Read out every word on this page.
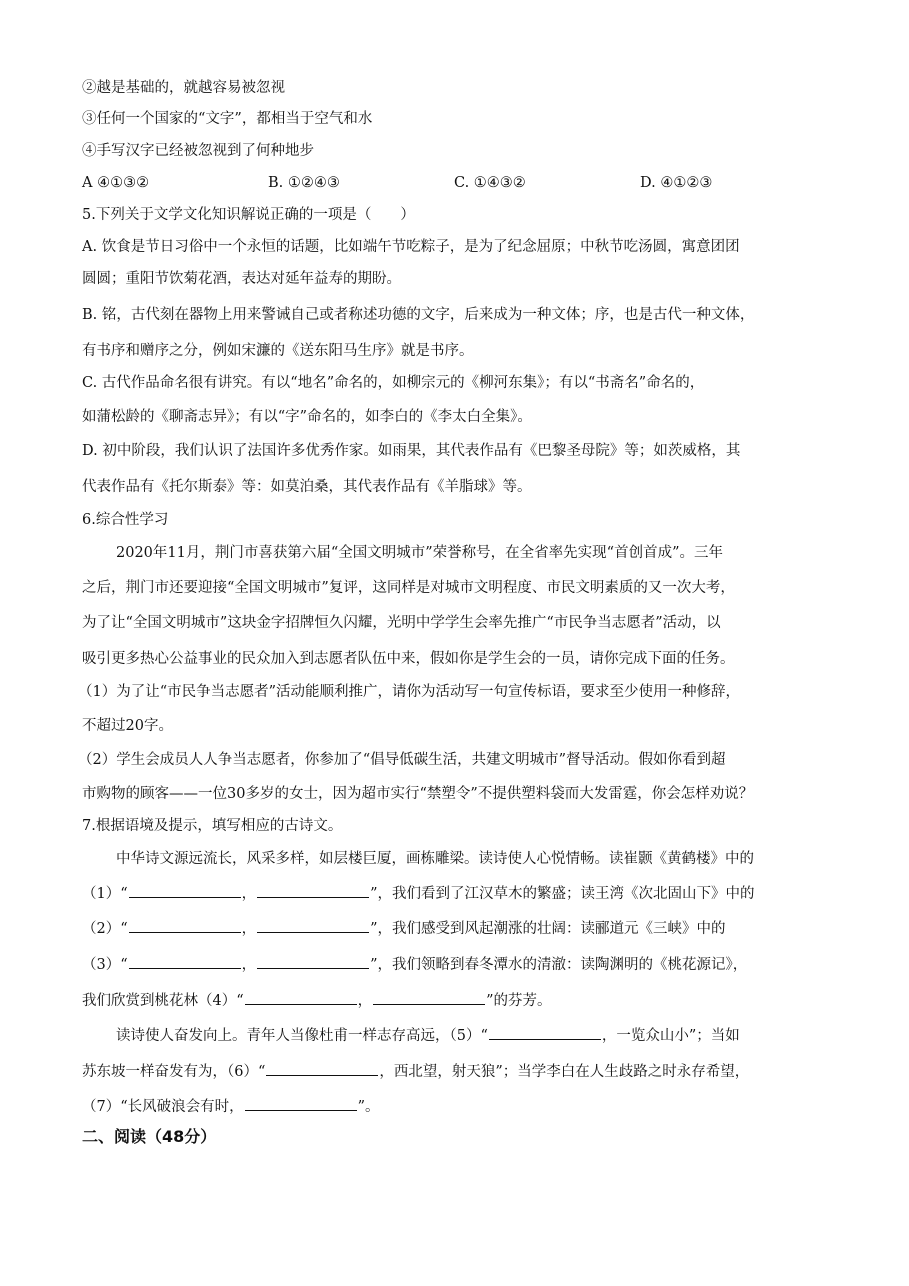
②越是基础的，就越容易被忽视
③任何一个国家的“文字”，都相当于空气和水
④手写汉字已经被忽视到了何种地步
A ④①③②	B. ①②④③	C. ①④③②	D. ④①②③
5.下列关于文学文化知识解说正确的一项是（　　）
A. 饮食是节日习俗中一个永恒的话题，比如端午节吃粽子，是为了纪念屈原；中秋节吃汤圆，寓意团团
圆圆；重阳节饮菊花酒，表达对延年益寿的期盼。
B. 铭，古代刻在器物上用来警诫自己或者称述功德的文字，后来成为一种文体；序，也是古代一种文体，
有书序和赠序之分，例如宋濂的《送东阳马生序》就是书序。
C. 古代作品命名很有讲究。有以“地名”命名的，如柳宗元的《柳河东集》；有以“书斋名”命名的，
如蒲松龄的《聊斋志异》；有以“字”命名的，如李白的《李太白全集》。
D. 初中阶段，我们认识了法国许多优秀作家。如雨果，其代表作品有《巴黎圣母院》等；如茨威格，其
代表作品有《托尔斯泰》等：如莫泊桑，其代表作品有《羊脂球》等。
6.综合性学习
2020年11月，荆门市喜获第六届“全国文明城市”荣誉称号，在全省率先实现“首创首成”。三年
之后，荆门市还要迎接“全国文明城市”复评，这同样是对城市文明程度、市民文明素质的又一次大考，
为了让“全国文明城市”这块金字招牌恒久闪耀，光明中学学生会率先推广“市民争当志愿者”活动，以
吸引更多热心公益事业的民众加入到志愿者队伍中来，假如你是学生会的一员，请你完成下面的任务。
（1）为了让“市民争当志愿者”活动能顺利推广，请你为活动写一句宣传标语，要求至少使用一种修辞，
不超过20字。
（2）学生会成员人人争当志愿者，你参加了“倡导低碳生活，共建文明城市”督导活动。假如你看到超
市购物的顾客——一位30多岁的女士，因为超市实行“禁塑令”不提供塑料袋而大发雷霆，你会怎样劝说？
7.根据语境及提示，填写相应的古诗文。
中华诗文源远流长，风采多样，如层楼巨厦，画栋雕梁。读诗使人心悦情畅。读崔颢《黄鹤楼》中的
（1）“	，	”，我们看到了江汉草木的繁盛；读王湾《次北固山下》中的
（2）“	，	”，我们感受到风起潮涨的壮阔：读郦道元《三峡》中的
（3）“	，	”，我们领略到春冬潭水的清澈：读陶渊明的《桃花源记》，
我们欣赏到桃花林（4）“	，	”的芬芳。
读诗使人奋发向上。青年人当像杜甫一样志存高远，（5）“	，一览众山小”；当如
苏东坡一样奋发有为，（6）“	，西北望，射天狼”；当学李白在人生歧路之时永存希望，
（7）“长风破浪会有时，	”。
二、阅读（48分）
